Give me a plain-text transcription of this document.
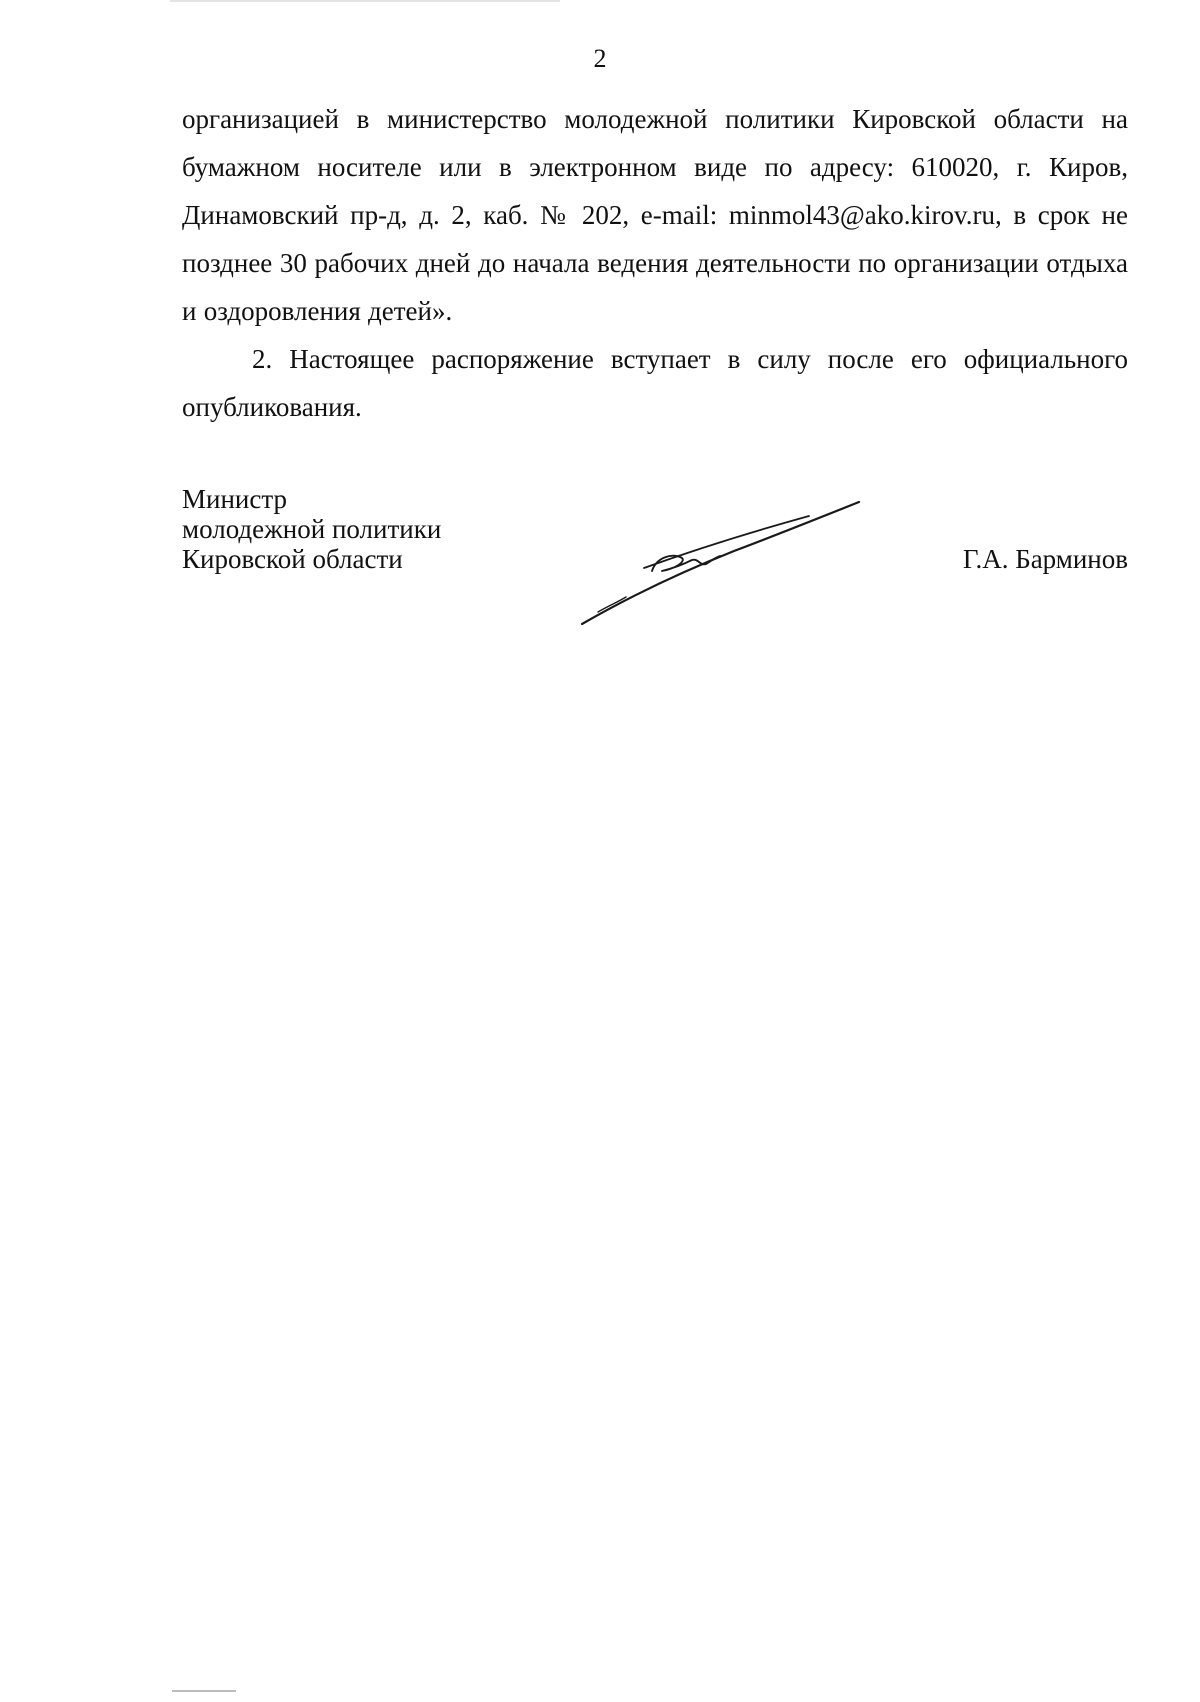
2

организацией в министерство молодежной политики Кировской области на бумажном носителе или в электронном виде по адресу: 610020, г. Киров, Динамовский пр-д, д. 2, каб. № 202, e-mail: minmol43@ako.kirov.ru, в срок не позднее 30 рабочих дней до начала ведения деятельности по организации отдыха и оздоровления детей».

2. Настоящее распоряжение вступает в силу после его официального опубликования.

Министр
молодежной политики
Кировской области	Г.А. Барминов
